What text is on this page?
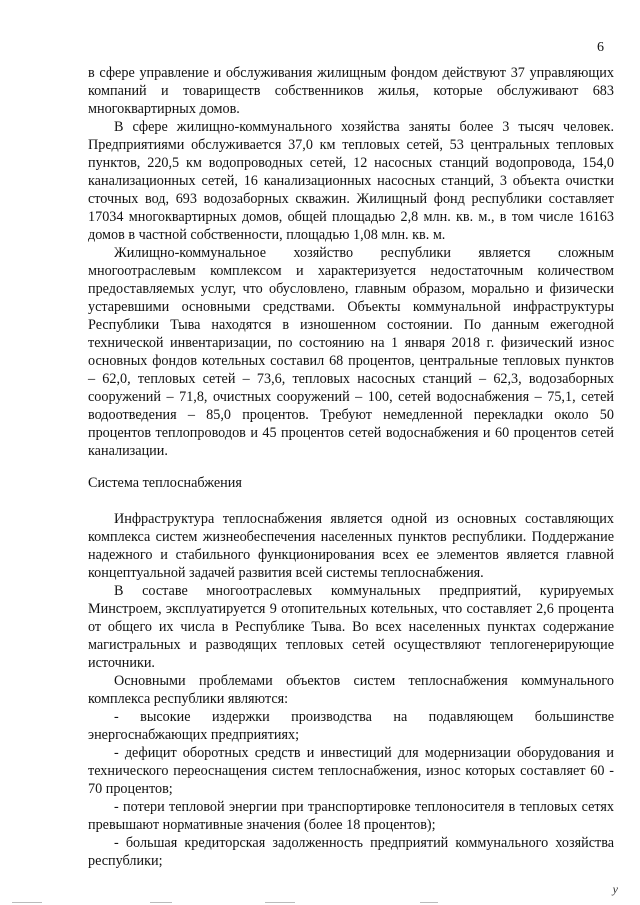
6

в сфере управление и обслуживания жилищным фондом действуют 37 управляющих компаний и товариществ собственников жилья, которые обслуживают 683 многоквартирных домов.

В сфере жилищно-коммунального хозяйства заняты более 3 тысяч человек. Предприятиями обслуживается 37,0 км тепловых сетей, 53 центральных тепловых пунктов, 220,5 км водопроводных сетей, 12 насосных станций водопровода, 154,0 канализационных сетей, 16 канализационных насосных станций, 3 объекта очистки сточных вод, 693 водозаборных скважин. Жилищный фонд республики составляет 17034 многоквартирных домов, общей площадью 2,8 млн. кв. м., в том числе 16163 домов в частной собственности, площадью 1,08 млн. кв. м.

Жилищно-коммунальное хозяйство республики является сложным многоотраслевым комплексом и характеризуется недостаточным количеством предоставляемых услуг, что обусловлено, главным образом, морально и физически устаревшими основными средствами. Объекты коммунальной инфраструктуры Республики Тыва находятся в изношенном состоянии. По данным ежегодной технической инвентаризации, по состоянию на 1 января 2018 г. физический износ основных фондов котельных составил 68 процентов, центральные тепловых пунктов – 62,0, тепловых сетей – 73,6, тепловых насосных станций – 62,3, водозаборных сооружений – 71,8, очистных сооружений – 100, сетей водоснабжения – 75,1, сетей водоотведения – 85,0 процентов. Требуют немедленной перекладки около 50 процентов теплопроводов и 45 процентов сетей водоснабжения и 60 процентов сетей канализации.

Система теплоснабжения

Инфраструктура теплоснабжения является одной из основных составляющих комплекса систем жизнеобеспечения населенных пунктов республики. Поддержание надежного и стабильного функционирования всех ее элементов является главной концептуальной задачей развития всей системы теплоснабжения.

В составе многоотраслевых коммунальных предприятий, курируемых Минстроем, эксплуатируется 9 отопительных котельных, что составляет 2,6 процента от общего их числа в Республике Тыва. Во всех населенных пунктах содержание магистральных и разводящих тепловых сетей осуществляют теплогенерирующие источники.

Основными проблемами объектов систем теплоснабжения коммунального комплекса республики являются:

- высокие издержки производства на подавляющем большинстве энергоснабжающих предприятиях;

- дефицит оборотных средств и инвестиций для модернизации оборудования и технического переоснащения систем теплоснабжения, износ которых составляет 60 - 70 процентов;

- потери тепловой энергии при транспортировке теплоносителя в тепловых сетях превышают нормативные значения (более 18 процентов);

- большая кредиторская задолженность предприятий коммунального хозяйства республики;

у
